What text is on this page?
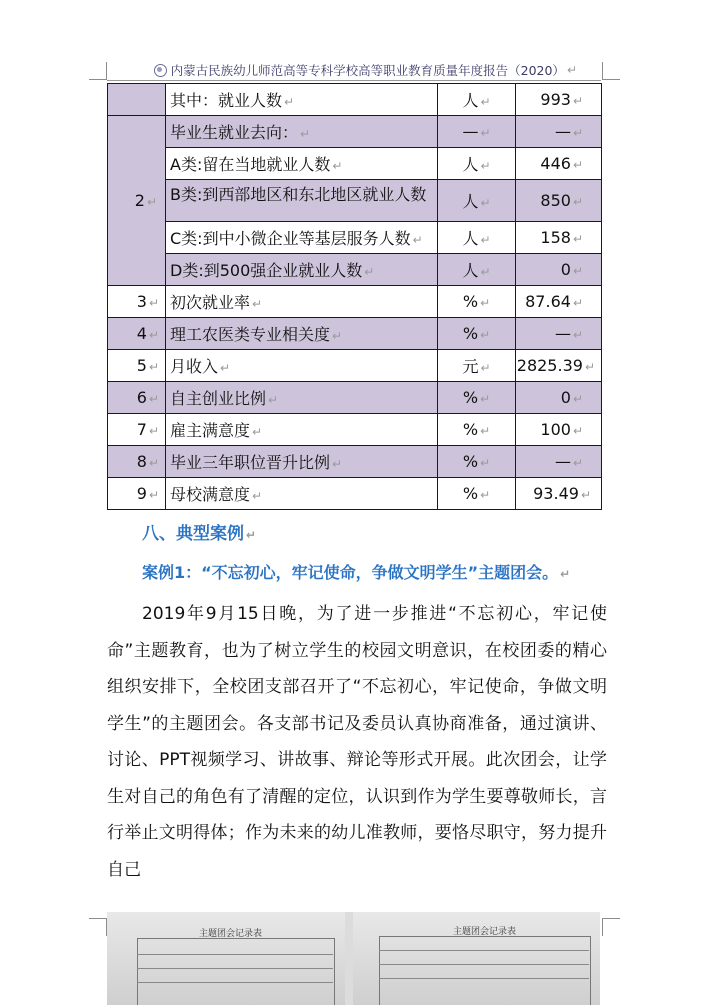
内蒙古民族幼儿师范高等专科学校高等职业教育质量年度报告（2020） ↵
	其中：就业人数 ↵	人 ↵	993 ↵
2 ↵	毕业生就业去向： ↵	— ↵	— ↵
	A类:留在当地就业人数 ↵	人 ↵	446 ↵
	B类:到西部地区和东北地区就业人数	人 ↵	850 ↵
	C类:到中小微企业等基层服务人数 ↵	人 ↵	158 ↵
	D类:到500强企业就业人数 ↵	人 ↵	0 ↵
3 ↵	初次就业率 ↵	% ↵	87.64 ↵
4 ↵	理工农医类专业相关度 ↵	% ↵	— ↵
5 ↵	月收入 ↵	元 ↵	2825.39 ↵
6 ↵	自主创业比例 ↵	% ↵	0 ↵
7 ↵	雇主满意度 ↵	% ↵	100 ↵
8 ↵	毕业三年职位晋升比例 ↵	% ↵	— ↵
9 ↵	母校满意度 ↵	% ↵	93.49 ↵
八、典型案例 ↵
案例1：“不忘初心，牢记使命，争做文明学生”主题团会。 ↵

2019年9月15日晚，为了进一步推进“不忘初心，牢记使命”主题教育，也为了树立学生的校园文明意识，在校团委的精心组织安排下，全校团支部召开了“不忘初心，牢记使命，争做文明学生”的主题团会。各支部书记及委员认真协商准备，通过演讲、讨论、PPT视频学习、讲故事、辩论等形式开展。此次团会，让学生对自己的角色有了清醒的定位，认识到作为学生要尊敬师长，言行举止文明得体；作为未来的幼儿准教师，要恪尽职守，努力提升自己

主题团会记录表	主题团会记录表
